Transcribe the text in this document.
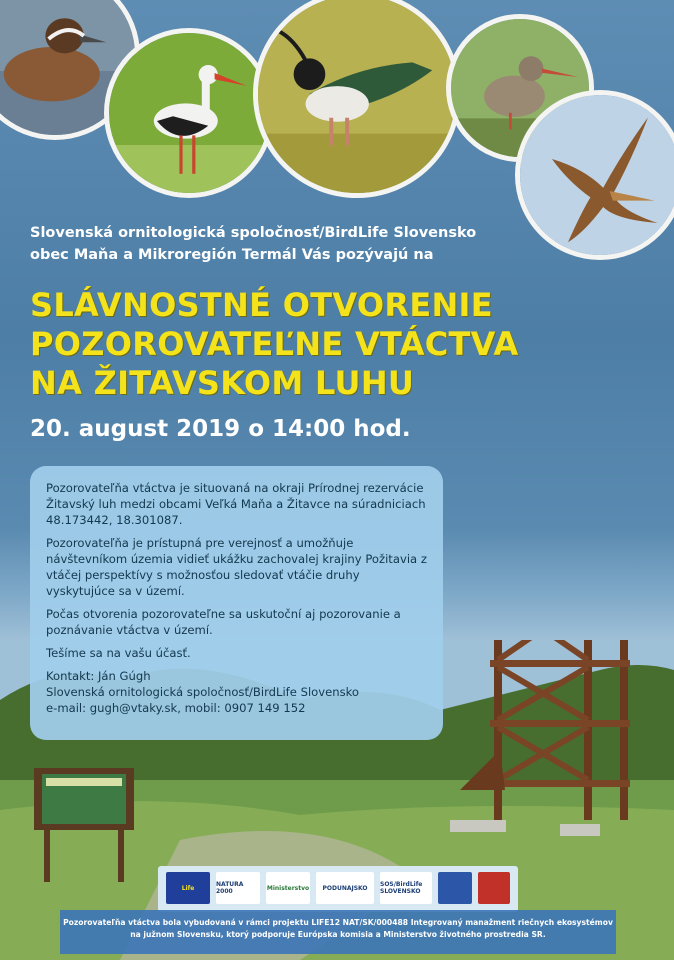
Slovenská ornitologická spoločnosť/BirdLife Slovensko
obec Maňa a Mikroregión Termál Vás pozývajú na
SLÁVNOSTNÉ OTVORENIE
POZOROVATEĽNE VTÁCTVA
NA ŽITAVSKOM LUHU
20. august 2019 o 14:00 hod.

Pozorovateľňa vtáctva je situovaná na okraji Prírodnej rezervácie Žitavský luh medzi obcami Veľká Maňa a Žitavce na súradniciach 48.173442, 18.301087.

Pozorovateľňa je prístupná pre verejnosť a umožňuje návštevníkom územia vidieť ukážku zachovalej krajiny Požitavia z vtáčej perspektívy s možnosťou sledovať vtáčie druhy vyskytujúce sa v území.

Počas otvorenia pozorovateľne sa uskutoční aj pozorovanie a poznávanie vtáctva v území.

Tešíme sa na vašu účasť.

Kontakt: Ján Gúgh
Slovenská ornitologická spoločnosť/BirdLife Slovensko
e-mail: gugh@vtaky.sk, mobil: 0907 149 152
Life	NATURA 2000	Ministerstvo PODUNAJSKO SOS/BirdLife SLOVENSKO
Pozorovateľňa vtáctva bola vybudovaná v rámci projektu LIFE12 NAT/SK/000488 Integrovaný manažment riečnych ekosystémov
na južnom Slovensku, ktorý podporuje Európska komisia a Ministerstvo životného prostredia SR.
